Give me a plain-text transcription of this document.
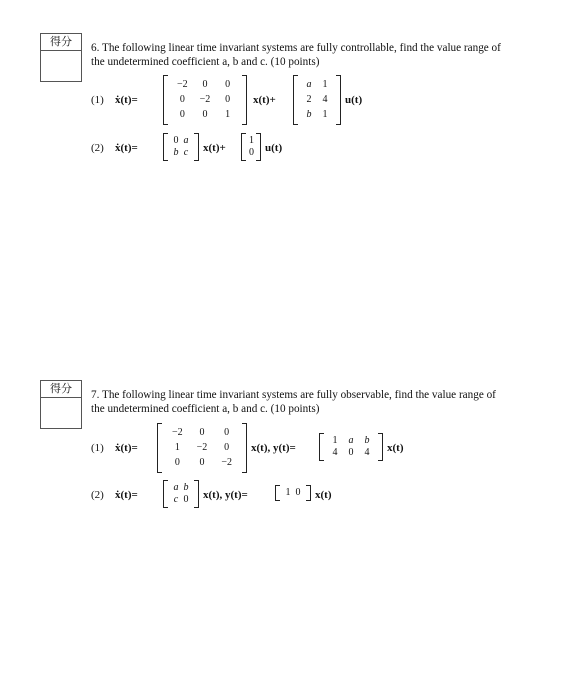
得分	6. The following linear time invariant systems are fully controllable, find the value range of the undetermined coefficient a, b and c. (10 points)
(1) ẋ(t)=
−2	0	0
0	−2	0
0	0	1
x(t)+
a	1
2	4
b	1
u(t)
(2) ẋ(t)=
0 a
b c x(t)+
1
0 u(t)
得分	7. The following linear time invariant systems are fully observable, find the value range of the undetermined coefficient a, b and c. (10 points)
(1) ẋ(t)=
−2	0	0
1	−2	0
0	0	−2
x(t), y(t)=
1	a	b
4	0	4	x(t)
(2) ẋ(t)=
a b
c 0 x(t), y(t)=	1 0 x(t)
